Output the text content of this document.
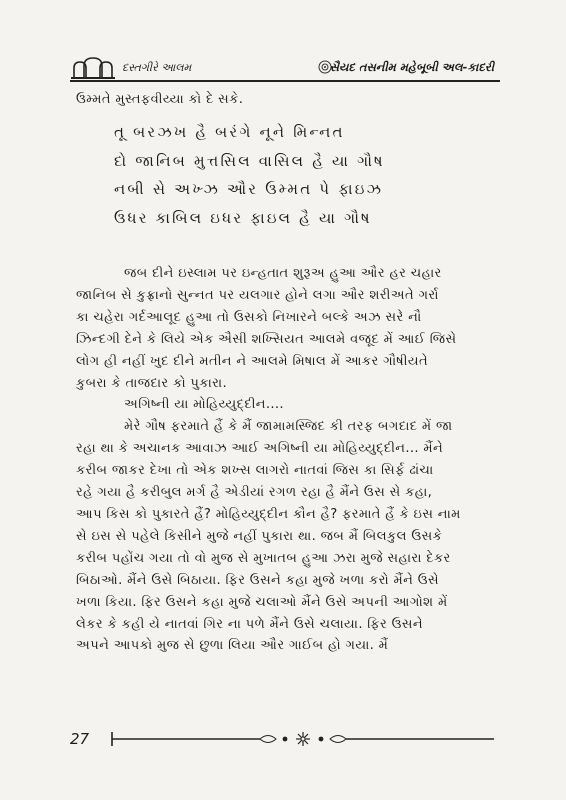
દસ્તગીરે આલમ	સૈયદ તસનીમ મહેબૂબી અલ-કાદરી
ઉમ્મતે મુસ્તફવીય્યા કો દે સકે.
તૂ બરઝખ હૈ બરંગે નૂને મિન્નત
દો જાનિબ મુત્તસિલ વાસિલ હૈ યા ગૌષ
નબી સે અખ્ઝ ઔર ઉમ્મત પે ફાઇઝ
ઉધર કાબિલ ઇધર ફાઇલ હૈ યા ગૌષ
જબ દીને ઇસ્લામ પર ઇન્હતાત શુરૂઅ હુઆ ઔર હર ચહાર
જાનિબ સે કુફ્રાનો સુન્નત પર યલગાર હોને લગા ઔર શરીઅતે ગર્રા
કા ચહેરા ગર્દઆલૂદ હુઆ તો ઉસકો નિખારને બલ્કે અઝ સરે નૌ
ઝિન્દગી દેને કે લિયે એક ઐસી શખ્સિયત આલમે વજૂદ મેં આઈ જિસે
લોગ હી નહીં ખુદ દીને મતીન ને આલમે મિષાલ મેં આકર ગૌષીયતે
કુબરા કે તાજદાર કો પુકારા.
અગિષ્ની યા મોહિય્યુદ્દીન....
મેરે ગૌષ ફરમાતે હૈં કે મૈં જામામસ્જિદ કી તરફ બગદાદ મેં જા
રહા થા કે અચાનક આવાઝ આઈ અગિષ્ની યા મોહિય્યુદ્દીન... મૈંને
કરીબ જાકર દેખા તો એક શખ્સ લાગરો નાતવાં જિસ કા સિર્ફ ઢાંચા
રહે ગયા હૈ કરીબુલ મર્ગ હૈ એડીયાં રગળ રહા હૈ મૈંને ઉસ સે કહા,
આપ કિસ કો પુકારતે હૈં? મોહિય્યુદ્દીન કૌન હૈ? ફરમાતે હૈં કે ઇસ નામ
સે ઇસ સે પહેલે કિસીને મુજે નહીં પુકારા થા. જબ મૈં બિલકુલ ઉસકે
કરીબ પહોંચ ગયા તો વો મુજ સે મુખાતબ હુઆ ઝરા મુજે સહારા દેકર
બિઠાઓ. મૈંને ઉસે બિઠાયા. ફિર ઉસને કહા મુજે ખળા કરો મૈંને ઉસે
ખળા કિયા. ફિર ઉસને કહા મુજે ચલાઓ મૈંને ઉસે અપની આગોશ મેં
લેકર કે કહી યે નાતવાં ગિર ના પળે મૈંને ઉસે ચલાયા. ફિર ઉસને
અપને આપકો મુજ સે છુળા લિયા ઔર ગાઈબ હો ગયા. મૈં
27
